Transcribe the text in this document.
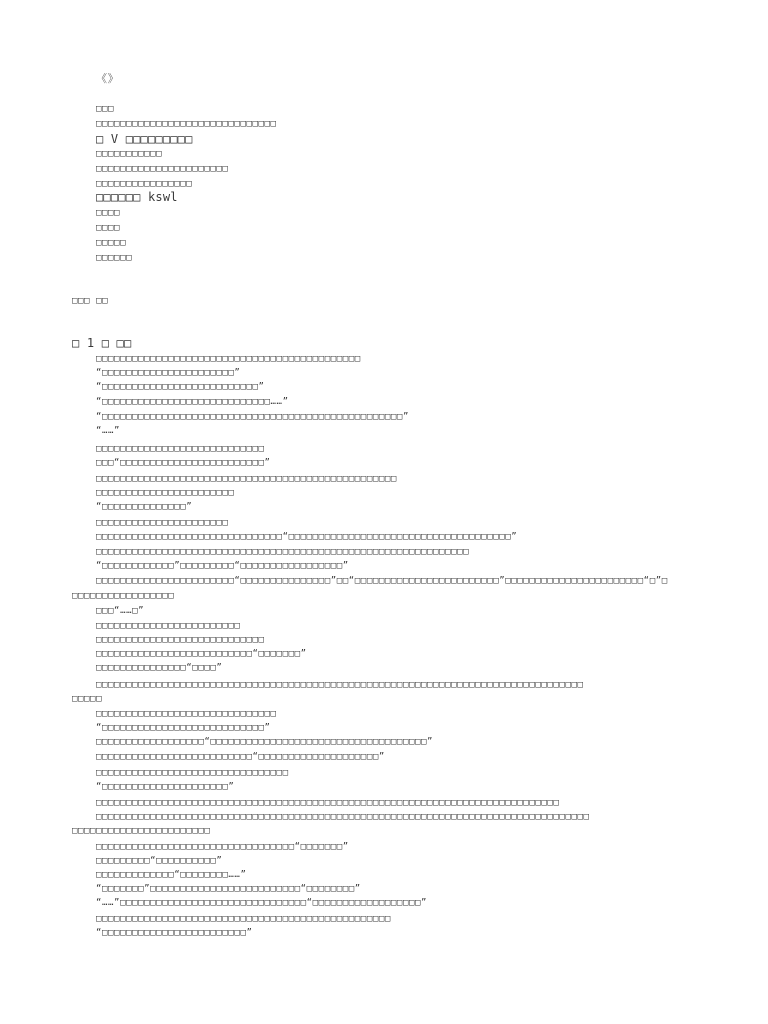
《》

□□□

□□□□□□□□□□□□□□□□□□□□□□□□□□□□□□

□ V □□□□□□□□□

□□□□□□□□□□□

□□□□□□□□□□□□□□□□□□□□□□

□□□□□□□□□□□□□□□□

□□□□□□ kswl

□□□□

□□□□

□□□□□

□□□□□□

□□□ □□

□ 1 □ □□

□□□□□□□□□□□□□□□□□□□□□□□□□□□□□□□□□□□□□□□□□□□□

“□□□□□□□□□□□□□□□□□□□□□□”

“□□□□□□□□□□□□□□□□□□□□□□□□□□”

“□□□□□□□□□□□□□□□□□□□□□□□□□□□□……”

“□□□□□□□□□□□□□□□□□□□□□□□□□□□□□□□□□□□□□□□□□□□□□□□□□□”

“……”

□□□□□□□□□□□□□□□□□□□□□□□□□□□□

□□□“□□□□□□□□□□□□□□□□□□□□□□□□”

□□□□□□□□□□□□□□□□□□□□□□□□□□□□□□□□□□□□□□□□□□□□□□□□□□

□□□□□□□□□□□□□□□□□□□□□□□

“□□□□□□□□□□□□□□”

□□□□□□□□□□□□□□□□□□□□□□

□□□□□□□□□□□□□□□□□□□□□□□□□□□□□□□“□□□□□□□□□□□□□□□□□□□□□□□□□□□□□□□□□□□□□”

□□□□□□□□□□□□□□□□□□□□□□□□□□□□□□□□□□□□□□□□□□□□□□□□□□□□□□□□□□□□□□

“□□□□□□□□□□□□”□□□□□□□□□“□□□□□□□□□□□□□□□□□”

□□□□□□□□□□□□□□□□□□□□□□□“□□□□□□□□□□□□□□□”□□“□□□□□□□□□□□□□□□□□□□□□□□□”□□□□□□□□□□□□□□□□□□□□□□□“□”□

□□□□□□□□□□□□□□□□□

□□□“……□”

□□□□□□□□□□□□□□□□□□□□□□□□

□□□□□□□□□□□□□□□□□□□□□□□□□□□□

□□□□□□□□□□□□□□□□□□□□□□□□□□“□□□□□□□”

□□□□□□□□□□□□□□□“□□□□”

□□□□□□□□□□□□□□□□□□□□□□□□□□□□□□□□□□□□□□□□□□□□□□□□□□□□□□□□□□□□□□□□□□□□□□□□□□□□□□□□□

□□□□□

□□□□□□□□□□□□□□□□□□□□□□□□□□□□□□

“□□□□□□□□□□□□□□□□□□□□□□□□□□□”

□□□□□□□□□□□□□□□□□□“□□□□□□□□□□□□□□□□□□□□□□□□□□□□□□□□□□□□”

□□□□□□□□□□□□□□□□□□□□□□□□□□“□□□□□□□□□□□□□□□□□□□□”

□□□□□□□□□□□□□□□□□□□□□□□□□□□□□□□□

“□□□□□□□□□□□□□□□□□□□□□”

□□□□□□□□□□□□□□□□□□□□□□□□□□□□□□□□□□□□□□□□□□□□□□□□□□□□□□□□□□□□□□□□□□□□□□□□□□□□□

□□□□□□□□□□□□□□□□□□□□□□□□□□□□□□□□□□□□□□□□□□□□□□□□□□□□□□□□□□□□□□□□□□□□□□□□□□□□□□□□□□

□□□□□□□□□□□□□□□□□□□□□□□

□□□□□□□□□□□□□□□□□□□□□□□□□□□□□□□□□“□□□□□□□”

□□□□□□□□□“□□□□□□□□□□”

□□□□□□□□□□□□□“□□□□□□□□……”

“□□□□□□□”□□□□□□□□□□□□□□□□□□□□□□□□□“□□□□□□□□”

“……”□□□□□□□□□□□□□□□□□□□□□□□□□□□□□□□“□□□□□□□□□□□□□□□□□□”

□□□□□□□□□□□□□□□□□□□□□□□□□□□□□□□□□□□□□□□□□□□□□□□□□

“□□□□□□□□□□□□□□□□□□□□□□□□”
